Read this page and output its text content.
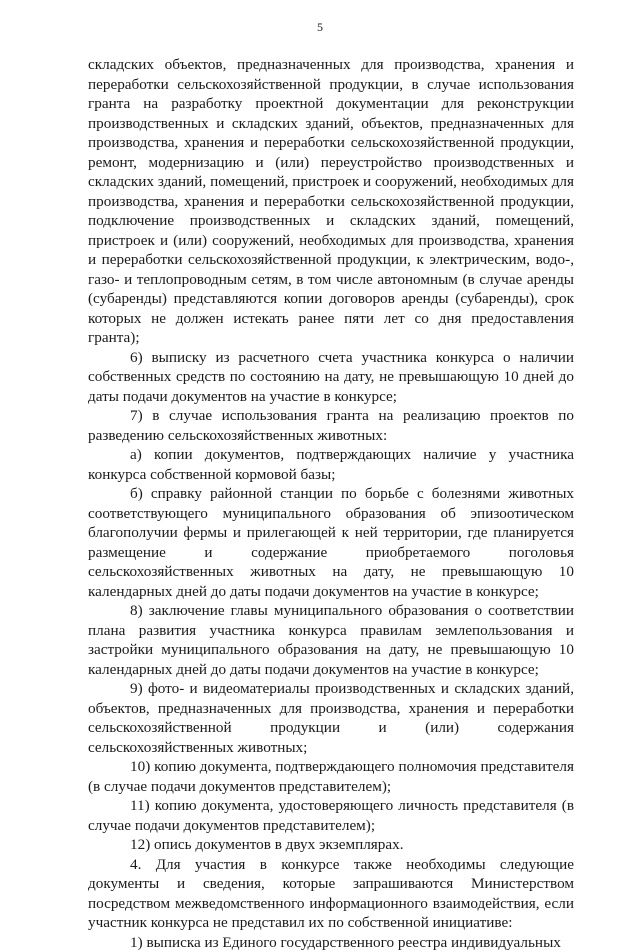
5

складских объектов, предназначенных для производства, хранения и переработки сельскохозяйственной продукции, в случае использования гранта на разработку проектной документации для реконструкции производственных и складских зданий, объектов, предназначенных для производства, хранения и переработки сельскохозяйственной продукции, ремонт, модернизацию и (или) переустройство производственных и складских зданий, помещений, пристроек и сооружений, необходимых для производства, хранения и переработки сельскохозяйственной продукции, подключение производственных и складских зданий, помещений, пристроек и (или) сооружений, необходимых для производства, хранения и переработки сельскохозяйственной продукции, к электрическим, водо-, газо- и теплопроводным сетям, в том числе автономным (в случае аренды (субаренды) представляются копии договоров аренды (субаренды), срок которых не должен истекать ранее пяти лет со дня предоставления гранта);

6) выписку из расчетного счета участника конкурса о наличии собственных средств по состоянию на дату, не превышающую 10 дней до даты подачи документов на участие в конкурсе;

7) в случае использования гранта на реализацию проектов по разведению сельскохозяйственных животных:

а) копии документов, подтверждающих наличие у участника конкурса собственной кормовой базы;

б) справку районной станции по борьбе с болезнями животных соответствующего муниципального образования об эпизоотическом благополучии фермы и прилегающей к ней территории, где планируется размещение и содержание приобретаемого поголовья сельскохозяйственных животных на дату, не превышающую 10 календарных дней до даты подачи документов на участие в конкурсе;

8) заключение главы муниципального образования о соответствии плана развития участника конкурса правилам землепользования и застройки муниципального образования на дату, не превышающую 10 календарных дней до даты подачи документов на участие в конкурсе;

9) фото- и видеоматериалы производственных и складских зданий, объектов, предназначенных для производства, хранения и переработки сельскохозяйственной продукции и (или) содержания сельскохозяйственных животных;

10) копию документа, подтверждающего полномочия представителя (в случае подачи документов представителем);

11) копию документа, удостоверяющего личность представителя (в случае подачи документов представителем);

12) опись документов в двух экземплярах.

4. Для участия в конкурсе также необходимы следующие документы и сведения, которые запрашиваются Министерством посредством межведомственного информационного взаимодействия, если участник конкурса не представил их по собственной инициативе:

1) выписка из Единого государственного реестра индивидуальных
